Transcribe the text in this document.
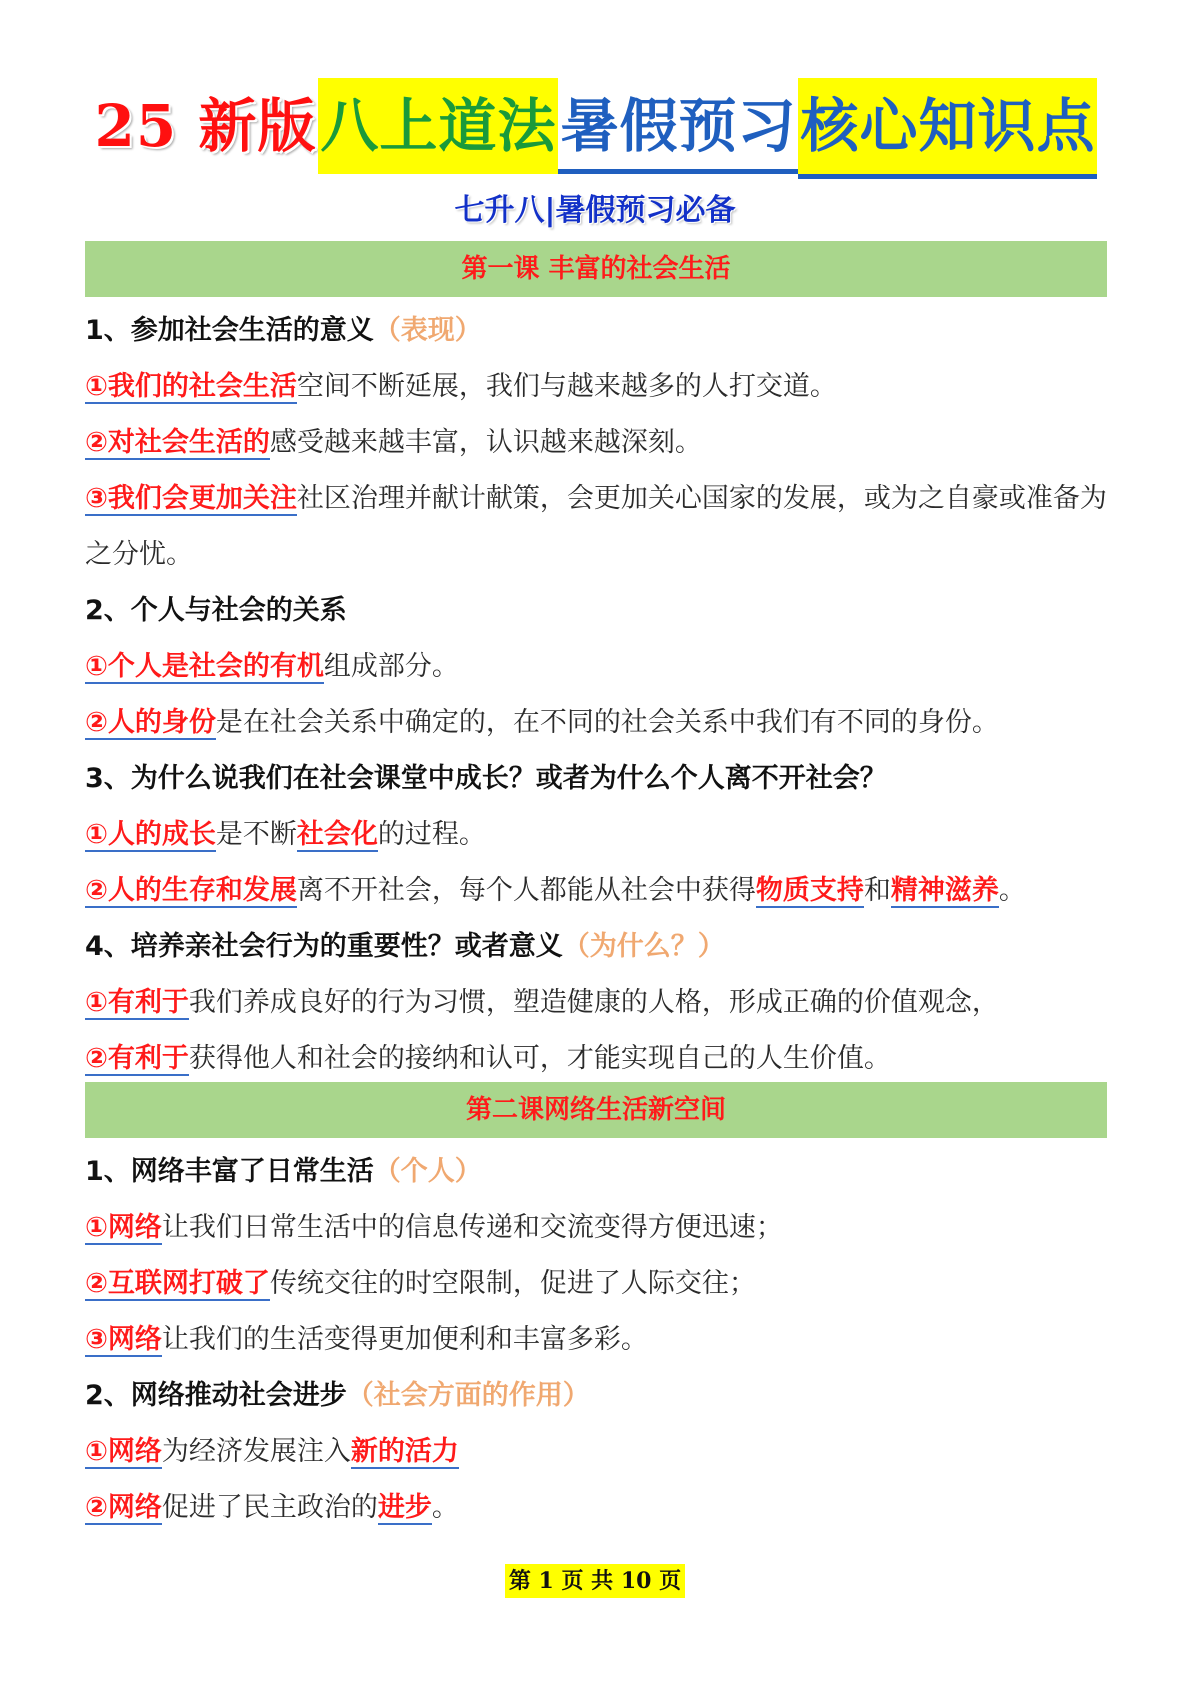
25 新版八上道法暑假预习核心知识点
七升八|暑假预习必备
第一课 丰富的社会生活
1、参加社会生活的意义（表现）
①我们的社会生活空间不断延展，我们与越来越多的人打交道。
②对社会生活的感受越来越丰富，认识越来越深刻。
③我们会更加关注社区治理并献计献策，会更加关心国家的发展，或为之自豪或准备为之分忧。
2、个人与社会的关系
①个人是社会的有机组成部分。
②人的身份是在社会关系中确定的，在不同的社会关系中我们有不同的身份。
3、为什么说我们在社会课堂中成长？或者为什么个人离不开社会？
①人的成长是不断社会化的过程。
②人的生存和发展离不开社会，每个人都能从社会中获得物质支持和精神滋养。
4、培养亲社会行为的重要性？或者意义（为什么？）
①有利于我们养成良好的行为习惯，塑造健康的人格，形成正确的价值观念，
②有利于获得他人和社会的接纳和认可，才能实现自己的人生价值。
第二课网络生活新空间
1、网络丰富了日常生活（个人）
①网络让我们日常生活中的信息传递和交流变得方便迅速；
②互联网打破了传统交往的时空限制，促进了人际交往；
③网络让我们的生活变得更加便利和丰富多彩。
2、网络推动社会进步（社会方面的作用）
①网络为经济发展注入新的活力
②网络促进了民主政治的进步。
第 1 页 共 10 页
